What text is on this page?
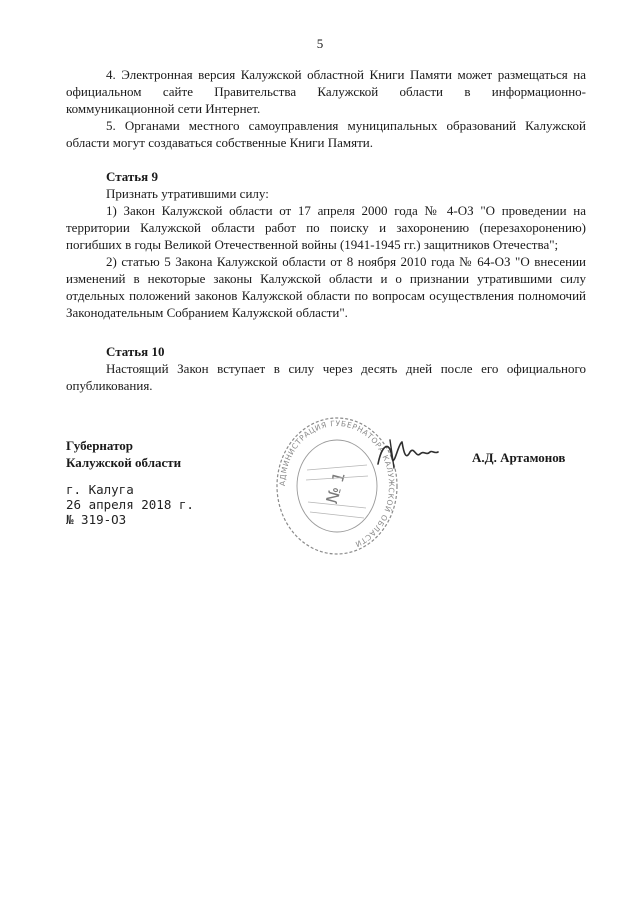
5

4. Электронная версия Калужской областной Книги Памяти может размещаться на официальном сайте Правительства Калужской области в информационно-коммуникационной сети Интернет.

5. Органами местного самоуправления муниципальных образований Калужской области могут создаваться собственные Книги Памяти.

Статья 9

Признать утратившими силу:

1) Закон Калужской области от 17 апреля 2000 года № 4-ОЗ "О проведении на территории Калужской области работ по поиску и захоронению (перезахоронению) погибших в годы Великой Отечественной войны (1941-1945 гг.) защитников Отечества";

2) статью 5 Закона Калужской области от 8 ноября 2010 года № 64-ОЗ "О внесении изменений в некоторые законы Калужской области и о признании утратившими силу отдельных положений законов Калужской области по вопросам осуществления полномочий Законодательным Собранием Калужской области".

Статья 10

Настоящий Закон вступает в силу через десять дней после его официального опубликования.

Губернатор
Калужской области	А.Д. Артамонов
г. Калуга
26 апреля 2018 г.
№ 319-ОЗ
АДМИНИСТРАЦИЯ ГУБЕРНАТОРА КАЛУЖСКОЙ ОБЛАСТИ
№ 1
